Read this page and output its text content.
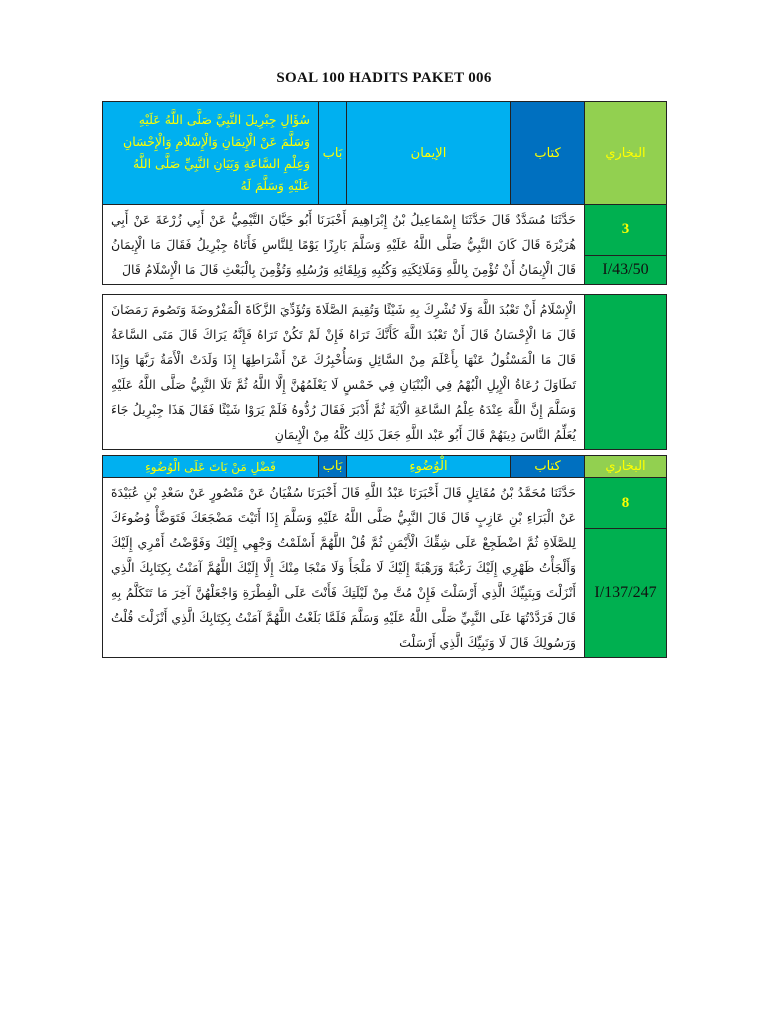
SOAL 100 HADITS PAKET 006
سُؤَالِ جِبْرِيلَ النَّبِيَّ صَلَّى اللَّهُ عَلَيْهِ وَسَلَّمَ عَنْ الْإِيمَانِ وَالْإِسْلَامِ وَالْإِحْسَانِ وَعِلْمِ السَّاعَةِ وَبَيَانِ النَّبِيِّ صَلَّى اللَّهُ عَلَيْهِ وَسَلَّمَ لَهُ	بَاب	الإيمان	كتاب	البخاري
حَدَّثَنَا مُسَدَّدٌ قَالَ حَدَّثَنَا إِسْمَاعِيلُ بْنُ إِبْرَاهِيمَ أَخْبَرَنَا أَبُو حَيَّانَ التَّيْمِيُّ عَنْ أَبِي زُرْعَةَ عَنْ أَبِي هُرَيْرَةَ قَالَ كَانَ النَّبِيُّ صَلَّى اللَّهُ عَلَيْهِ وَسَلَّمَ بَارِزًا يَوْمًا لِلنَّاسِ فَأَتَاهُ جِبْرِيلُ فَقَالَ مَا الْإِيمَانُ قَالَ الْإِيمَانُ أَنْ تُؤْمِنَ بِاللَّهِ وَمَلَائِكَتِهِ وَكُتُبِهِ وَبِلِقَائِهِ وَرُسُلِهِ وَتُؤْمِنَ بِالْبَعْثِ قَالَ مَا الْإِسْلَامُ قَالَ				3
				I/43/50
الْإِسْلَامُ أَنْ تَعْبُدَ اللَّهَ وَلَا تُشْرِكَ بِهِ شَيْئًا وَتُقِيمَ الصَّلَاةَ وَتُؤَدِّيَ الزَّكَاةَ الْمَفْرُوضَةَ وَتَصُومَ رَمَضَانَ قَالَ مَا الْإِحْسَانُ قَالَ أَنْ تَعْبُدَ اللَّهَ كَأَنَّكَ تَرَاهُ فَإِنْ لَمْ تَكُنْ تَرَاهُ فَإِنَّهُ يَرَاكَ قَالَ مَتَى السَّاعَةُ قَالَ مَا الْمَسْئُولُ عَنْهَا بِأَعْلَمَ مِنْ السَّائِلِ وَسَأُخْبِرُكَ عَنْ أَشْرَاطِهَا إِذَا وَلَدَتْ الْأَمَةُ رَبَّهَا وَإِذَا تَطَاوَلَ رُعَاةُ الْإِبِلِ الْبُهْمُ فِي الْبُنْيَانِ فِي خَمْسٍ لَا يَعْلَمُهُنَّ إِلَّا اللَّهُ ثُمَّ تَلَا النَّبِيُّ صَلَّى اللَّهُ عَلَيْهِ وَسَلَّمَ إِنَّ اللَّهَ عِنْدَهُ عِلْمُ السَّاعَةِ الْآيَةَ ثُمَّ أَدْبَرَ فَقَالَ رُدُّوهُ فَلَمْ يَرَوْا شَيْئًا فَقَالَ هَذَا جِبْرِيلُ جَاءَ يُعَلِّمُ النَّاسَ دِينَهُمْ قَالَ أَبُو عَبْد اللَّهِ جَعَلَ ذَلِك كُلَّهُ مِنْ الْإِيمَانِ	
فَضْلِ مَنْ بَاتَ عَلَى الْوُضُوءِ	بَاب	الْوُضُوءِ	كتاب	البخاري
حَدَّثَنَا مُحَمَّدُ بْنُ مُقَاتِلٍ قَالَ أَخْبَرَنَا عَبْدُ اللَّهِ قَالَ أَخْبَرَنَا سُفْيَانُ عَنْ مَنْصُورٍ عَنْ سَعْدِ بْنِ عُبَيْدَةَ عَنْ الْبَرَاءِ بْنِ عَازِبٍ قَالَ قَالَ النَّبِيُّ صَلَّى اللَّهُ عَلَيْهِ وَسَلَّمَ إِذَا أَتَيْتَ مَضْجَعَكَ فَتَوَضَّأْ وُضُوءَكَ لِلصَّلَاةِ ثُمَّ اضْطَجِعْ عَلَى شِقِّكَ الْأَيْمَنِ ثُمَّ قُلْ اللَّهُمَّ أَسْلَمْتُ وَجْهِي إِلَيْكَ وَفَوَّضْتُ أَمْرِي إِلَيْكَ وَأَلْجَأْتُ ظَهْرِي إِلَيْكَ رَغْبَةً وَرَهْبَةً إِلَيْكَ لَا مَلْجَأَ وَلَا مَنْجَا مِنْكَ إِلَّا إِلَيْكَ اللَّهُمَّ آمَنْتُ بِكِتَابِكَ الَّذِي أَنْزَلْتَ وَبِنَبِيِّكَ الَّذِي أَرْسَلْتَ فَإِنْ مُتَّ مِنْ لَيْلَتِكَ فَأَنْتَ عَلَى الْفِطْرَةِ وَاجْعَلْهُنَّ آخِرَ مَا تَتَكَلَّمُ بِهِ قَالَ فَرَدَّدْتُهَا عَلَى النَّبِيِّ صَلَّى اللَّهُ عَلَيْهِ وَسَلَّمَ فَلَمَّا بَلَغْتُ اللَّهُمَّ آمَنْتُ بِكِتَابِكَ الَّذِي أَنْزَلْتَ قُلْتُ وَرَسُولِكَ قَالَ لَا وَنَبِيِّكَ الَّذِي أَرْسَلْتَ				8
				I/137/247
